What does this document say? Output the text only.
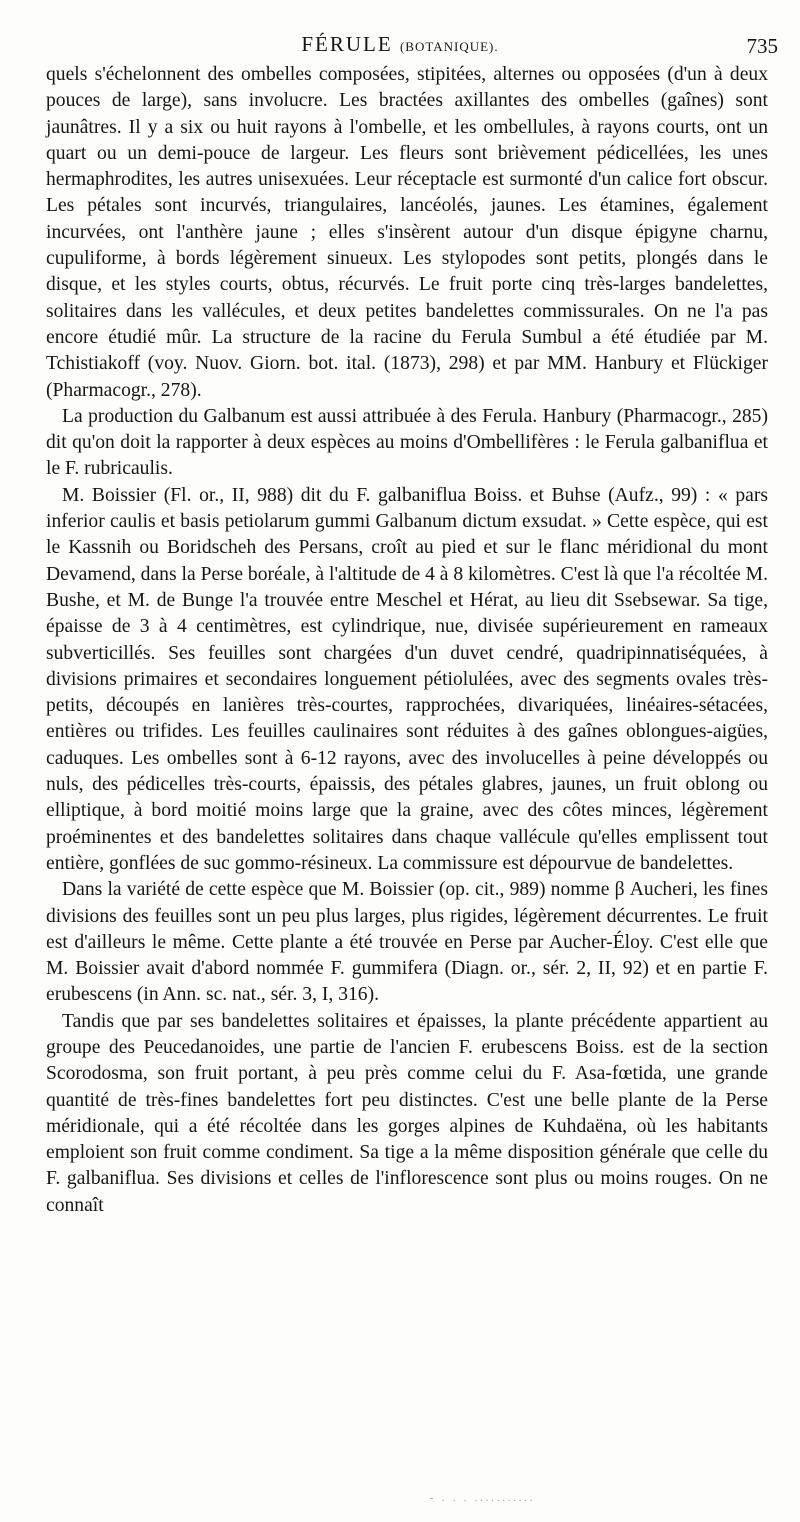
FÉRULE (BOTANIQUE).	735

quels s'échelonnent des ombelles composées, stipitées, alternes ou opposées (d'un à deux pouces de large), sans involucre. Les bractées axillantes des ombelles (gaînes) sont jaunâtres. Il y a six ou huit rayons à l'ombelle, et les ombellules, à rayons courts, ont un quart ou un demi-pouce de largeur. Les fleurs sont brièvement pédicellées, les unes hermaphrodites, les autres unisexuées. Leur réceptacle est surmonté d'un calice fort obscur. Les pétales sont incurvés, triangulaires, lancéolés, jaunes. Les étamines, également incurvées, ont l'anthère jaune ; elles s'insèrent autour d'un disque épigyne charnu, cupuliforme, à bords légèrement sinueux. Les stylopodes sont petits, plongés dans le disque, et les styles courts, obtus, récurvés. Le fruit porte cinq très-larges bandelettes, solitaires dans les vallécules, et deux petites bandelettes commissurales. On ne l'a pas encore étudié mûr. La structure de la racine du Ferula Sumbul a été étudiée par M. Tchistiakoff (voy. Nuov. Giorn. bot. ital. (1873), 298) et par MM. Hanbury et Flückiger (Pharmacogr., 278).

La production du Galbanum est aussi attribuée à des Ferula. Hanbury (Pharmacogr., 285) dit qu'on doit la rapporter à deux espèces au moins d'Ombellifères : le Ferula galbaniflua et le F. rubricaulis.

M. Boissier (Fl. or., II, 988) dit du F. galbaniflua Boiss. et Buhse (Aufz., 99) : « pars inferior caulis et basis petiolarum gummi Galbanum dictum exsudat. » Cette espèce, qui est le Kassnih ou Boridscheh des Persans, croît au pied et sur le flanc méridional du mont Devamend, dans la Perse boréale, à l'altitude de 4 à 8 kilomètres. C'est là que l'a récoltée M. Bushe, et M. de Bunge l'a trouvée entre Meschel et Hérat, au lieu dit Ssebsewar. Sa tige, épaisse de 3 à 4 centimètres, est cylindrique, nue, divisée supérieurement en rameaux subverticillés. Ses feuilles sont chargées d'un duvet cendré, quadripinnatiséquées, à divisions primaires et secondaires longuement pétiolulées, avec des segments ovales très-petits, découpés en lanières très-courtes, rapprochées, divariquées, linéaires-sétacées, entières ou trifides. Les feuilles caulinaires sont réduites à des gaînes oblongues-aigües, caduques. Les ombelles sont à 6-12 rayons, avec des involucelles à peine développés ou nuls, des pédicelles très-courts, épaissis, des pétales glabres, jaunes, un fruit oblong ou elliptique, à bord moitié moins large que la graine, avec des côtes minces, légèrement proéminentes et des bandelettes solitaires dans chaque vallécule qu'elles emplissent tout entière, gonflées de suc gommo-résineux. La commissure est dépourvue de bandelettes.

Dans la variété de cette espèce que M. Boissier (op. cit., 989) nomme β Aucheri, les fines divisions des feuilles sont un peu plus larges, plus rigides, légèrement décurrentes. Le fruit est d'ailleurs le même. Cette plante a été trouvée en Perse par Aucher-Éloy. C'est elle que M. Boissier avait d'abord nommée F. gummifera (Diagn. or., sér. 2, II, 92) et en partie F. erubescens (in Ann. sc. nat., sér. 3, I, 316).

Tandis que par ses bandelettes solitaires et épaisses, la plante précédente appartient au groupe des Peucedanoides, une partie de l'ancien F. erubescens Boiss. est de la section Scorodosma, son fruit portant, à peu près comme celui du F. Asa-fœtida, une grande quantité de très-fines bandelettes fort peu distinctes. C'est une belle plante de la Perse méridionale, qui a été récoltée dans les gorges alpines de Kuhdaëna, où les habitants emploient son fruit comme condiment. Sa tige a la même disposition générale que celle du F. galbaniflua. Ses divisions et celles de l'inflorescence sont plus ou moins rouges. On ne connaît

- . . . ...........
